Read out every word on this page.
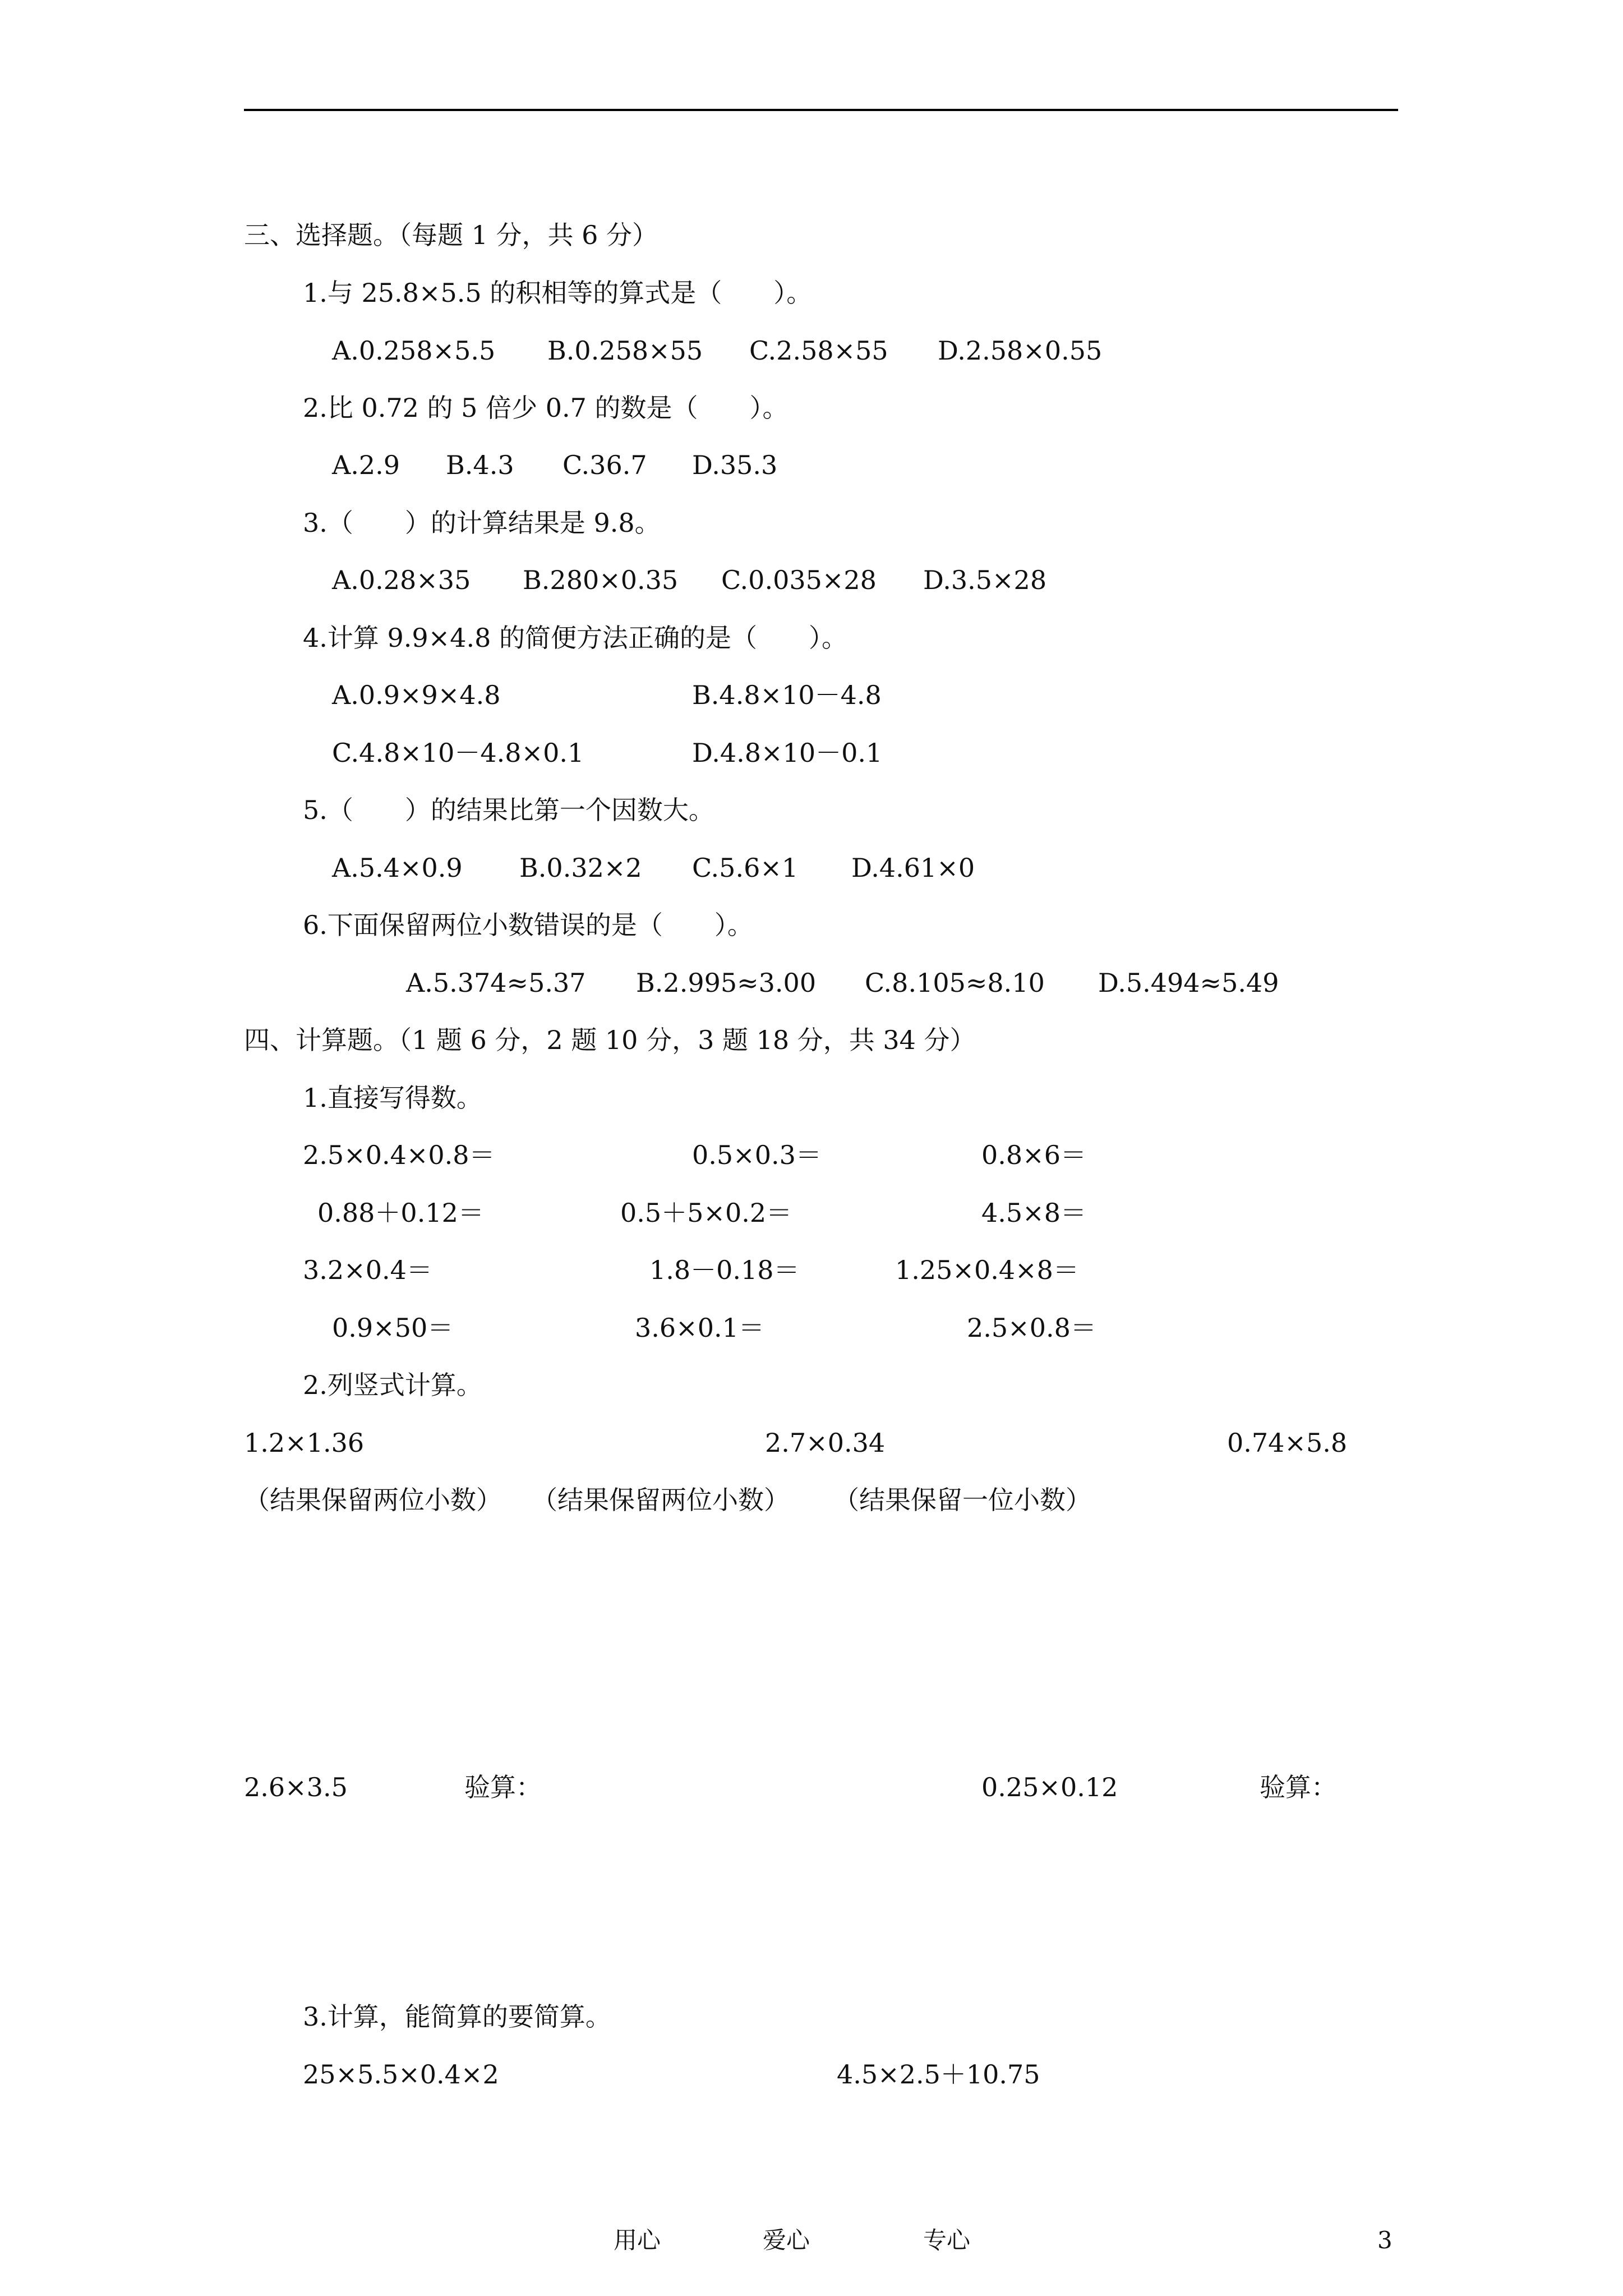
三、选择题。（每题 1 分，共 6 分）
1.与 25.8×5.5 的积相等的算式是（　　）。
A.0.258×5.5 B.0.258×55 C.2.58×55 D.2.58×0.55
2.比 0.72 的 5 倍少 0.7 的数是（　　）。
A.2.9 B.4.3 C.36.7 D.35.3
3.（　　）的计算结果是 9.8。
A.0.28×35 B.280×0.35 C.0.035×28 D.3.5×28
4.计算 9.9×4.8 的简便方法正确的是（　　）。
A.0.9×9×4.8	B.4.8×10－4.8
C.4.8×10－4.8×0.1	D.4.8×10－0.1
5.（　　）的结果比第一个因数大。
A.5.4×0.9 B.0.32×2 C.5.6×1 D.4.61×0
6.下面保留两位小数错误的是（　　）。
A.5.374≈5.37 B.2.995≈3.00 C.8.105≈8.10 D.5.494≈5.49
四、计算题。（1 题 6 分，2 题 10 分，3 题 18 分，共 34 分）
1.直接写得数。
2.5×0.4×0.8＝	0.5×0.3＝	0.8×6＝
0.88＋0.12＝	0.5＋5×0.2＝	4.5×8＝
3.2×0.4＝	1.8－0.18＝	1.25×0.4×8＝
0.9×50＝	3.6×0.1＝	2.5×0.8＝
2.列竖式计算。
1.2×1.36	2.7×0.34	0.74×5.8
（结果保留两位小数） （结果保留两位小数） （结果保留一位小数）
2.6×3.5	验算：	0.25×0.12	验算：
3.计算，能简算的要简算。
25×5.5×0.4×2	4.5×2.5＋10.75
用心	爱心	专心	3
